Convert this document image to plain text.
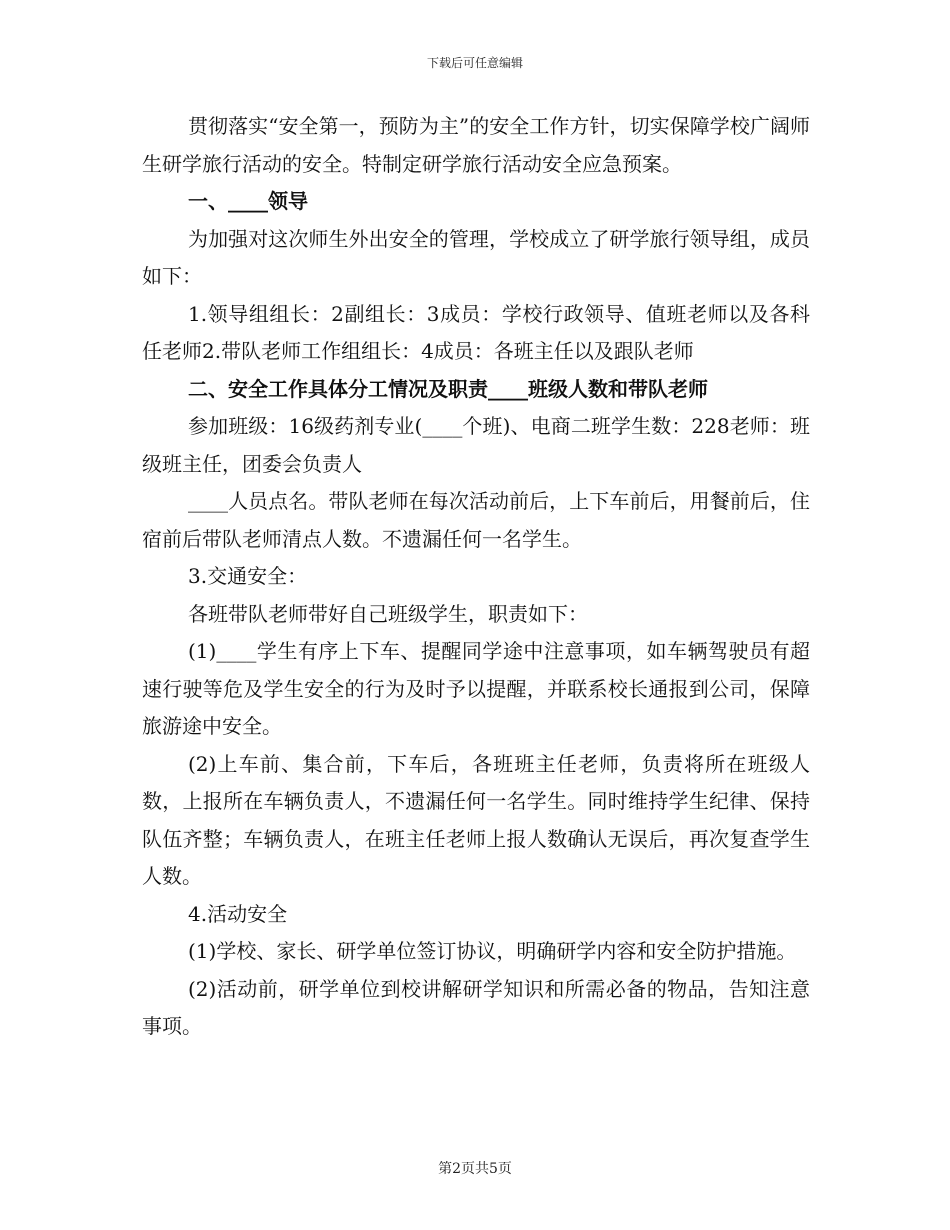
下载后可任意编辑

贯彻落实“安全第一，预防为主”的安全工作方针，切实保障学校广阔师生研学旅行活动的安全。特制定研学旅行活动安全应急预案。

一、____领导

为加强对这次师生外出安全的管理，学校成立了研学旅行领导组，成员如下：

1.领导组组长：2副组长：3成员：学校行政领导、值班老师以及各科任老师2.带队老师工作组组长：4成员：各班主任以及跟队老师

二、安全工作具体分工情况及职责____班级人数和带队老师

参加班级：16级药剂专业(____个班)、电商二班学生数：228老师：班级班主任，团委会负责人

____人员点名。带队老师在每次活动前后，上下车前后，用餐前后，住宿前后带队老师清点人数。不遗漏任何一名学生。

3.交通安全：

各班带队老师带好自己班级学生，职责如下：

(1)____学生有序上下车、提醒同学途中注意事项，如车辆驾驶员有超速行驶等危及学生安全的行为及时予以提醒，并联系校长通报到公司，保障旅游途中安全。

(2)上车前、集合前，下车后，各班班主任老师，负责将所在班级人数，上报所在车辆负责人，不遗漏任何一名学生。同时维持学生纪律、保持队伍齐整；车辆负责人，在班主任老师上报人数确认无误后，再次复查学生人数。

4.活动安全

(1)学校、家长、研学单位签订协议，明确研学内容和安全防护措施。

(2)活动前，研学单位到校讲解研学知识和所需必备的物品，告知注意事项。

第2页共5页
